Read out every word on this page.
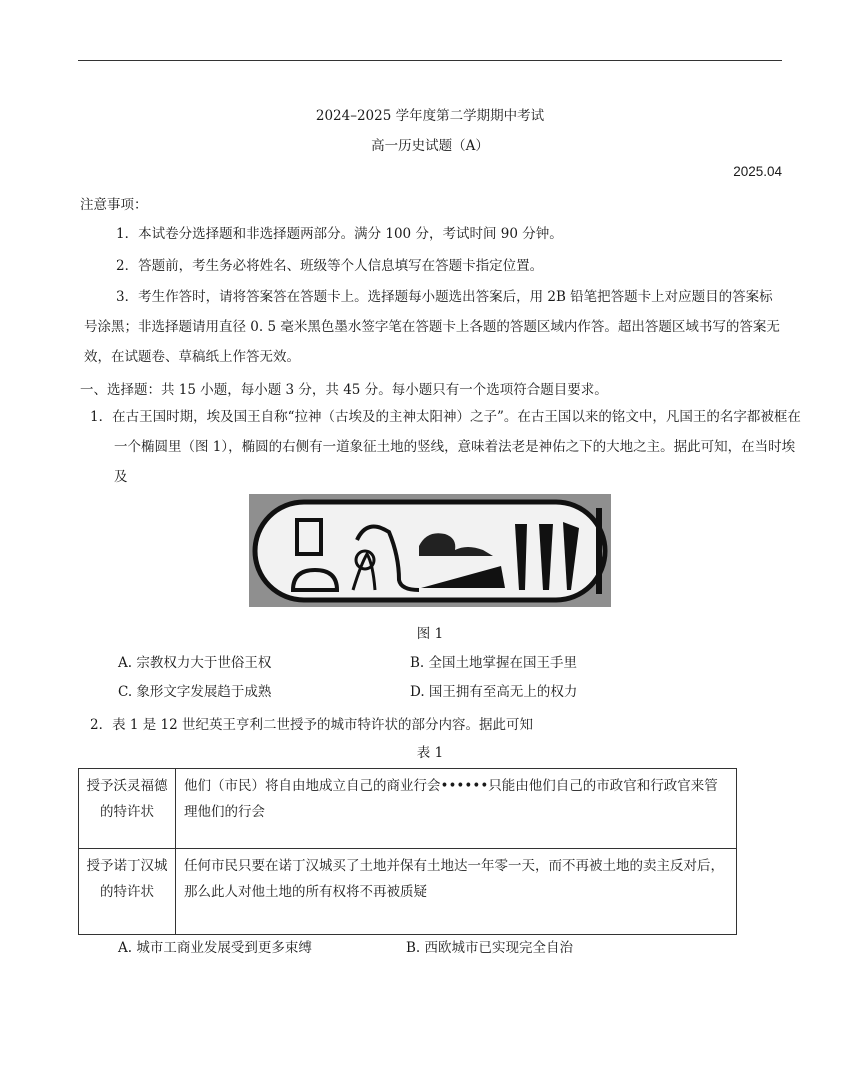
2024–2025 学年度第二学期期中考试
高一历史试题（A）
2025.04
注意事项：
1．本试卷分选择题和非选择题两部分。满分 100 分，考试时间 90 分钟。
2．答题前，考生务必将姓名、班级等个人信息填写在答题卡指定位置。
3．考生作答时，请将答案答在答题卡上。选择题每小题选出答案后，用 2B 铅笔把答题卡上对应题目的答案标号涂黑；非选择题请用直径 0. 5 毫米黑色墨水签字笔在答题卡上各题的答题区域内作答。超出答题区域书写的答案无效，在试题卷、草稿纸上作答无效。
一、选择题：共 15 小题，每小题 3 分，共 45 分。每小题只有一个选项符合题目要求。
1．在古王国时期，埃及国王自称“拉神（古埃及的主神太阳神）之子”。在古王国以来的铭文中，凡国王的名字都被框在一个椭圆里（图 1），椭圆的右侧有一道象征土地的竖线，意味着法老是神佑之下的大地之主。据此可知，在当时埃及
图 1
A. 宗教权力大于世俗王权	B. 全国土地掌握在国王手里
C. 象形文字发展趋于成熟	D. 国王拥有至高无上的权力
2．表 1 是 12 世纪英王亨利二世授予的城市特许状的部分内容。据此可知
表 1
授予沃灵福德的特许状	他们（市民）将自由地成立自己的商业行会••••••只能由他们自己的市政官和行政官来管理他们的行会
授予诺丁汉城的特许状	任何市民只要在诺丁汉城买了土地并保有土地达一年零一天，而不再被土地的卖主反对后，那么此人对他土地的所有权将不再被质疑
A. 城市工商业发展受到更多束缚	B. 西欧城市已实现完全自治
